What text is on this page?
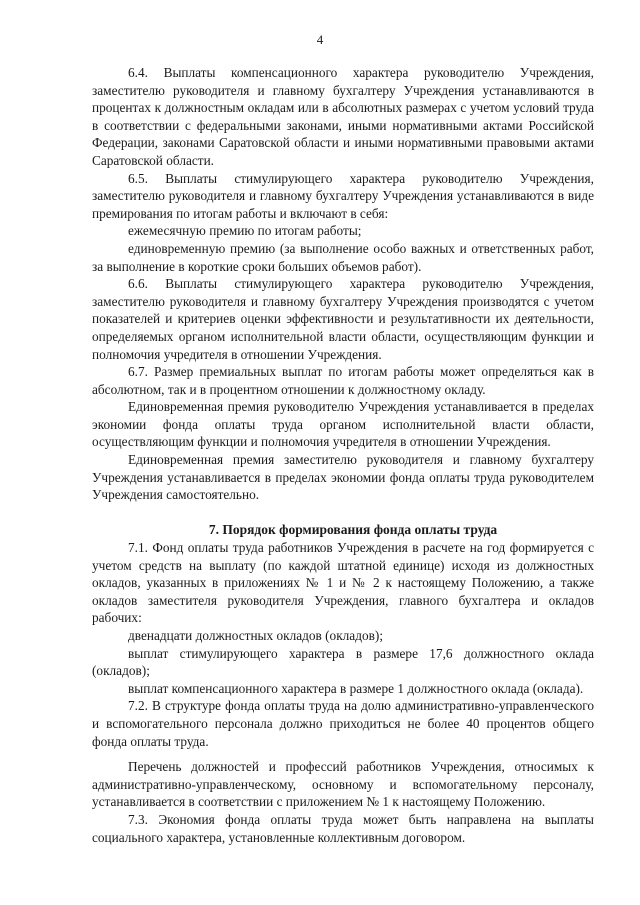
4

6.4. Выплаты компенсационного характера руководителю Учреждения, заместителю руководителя и главному бухгалтеру Учреждения устанавливаются в процентах к должностным окладам или в абсолютных размерах с учетом условий труда в соответствии с федеральными законами, иными нормативными актами Российской Федерации, законами Саратовской области и иными нормативными правовыми актами Саратовской области.

6.5. Выплаты стимулирующего характера руководителю Учреждения, заместителю руководителя и главному бухгалтеру Учреждения устанавливаются в виде премирования по итогам работы и включают в себя:

ежемесячную премию по итогам работы;

единовременную премию (за выполнение особо важных и ответственных работ, за выполнение в короткие сроки больших объемов работ).

6.6. Выплаты стимулирующего характера руководителю Учреждения, заместителю руководителя и главному бухгалтеру Учреждения производятся с учетом показателей и критериев оценки эффективности и результативности их деятельности, определяемых органом исполнительной власти области, осуществляющим функции и полномочия учредителя в отношении Учреждения.

6.7. Размер премиальных выплат по итогам работы может определяться как в абсолютном, так и в процентном отношении к должностному окладу.

Единовременная премия руководителю Учреждения устанавливается в пределах экономии фонда оплаты труда органом исполнительной власти области, осуществляющим функции и полномочия учредителя в отношении Учреждения.

Единовременная премия заместителю руководителя и главному бухгалтеру Учреждения устанавливается в пределах экономии фонда оплаты труда руководителем Учреждения самостоятельно.

7. Порядок формирования фонда оплаты труда

7.1. Фонд оплаты труда работников Учреждения в расчете на год формируется с учетом средств на выплату (по каждой штатной единице) исходя из должностных окладов, указанных в приложениях № 1 и № 2 к настоящему Положению, а также окладов заместителя руководителя Учреждения, главного бухгалтера и окладов рабочих:

двенадцати должностных окладов (окладов);

выплат стимулирующего характера в размере 17,6 должностного оклада (окладов);

выплат компенсационного характера в размере 1 должностного оклада (оклада).

7.2. В структуре фонда оплаты труда на долю административно-управленческого и вспомогательного персонала должно приходиться не более 40 процентов общего фонда оплаты труда.

Перечень должностей и профессий работников Учреждения, относимых к административно-управленческому, основному и вспомогательному персоналу, устанавливается в соответствии с приложением № 1 к настоящему Положению.

7.3. Экономия фонда оплаты труда может быть направлена на выплаты социального характера, установленные коллективным договором.
